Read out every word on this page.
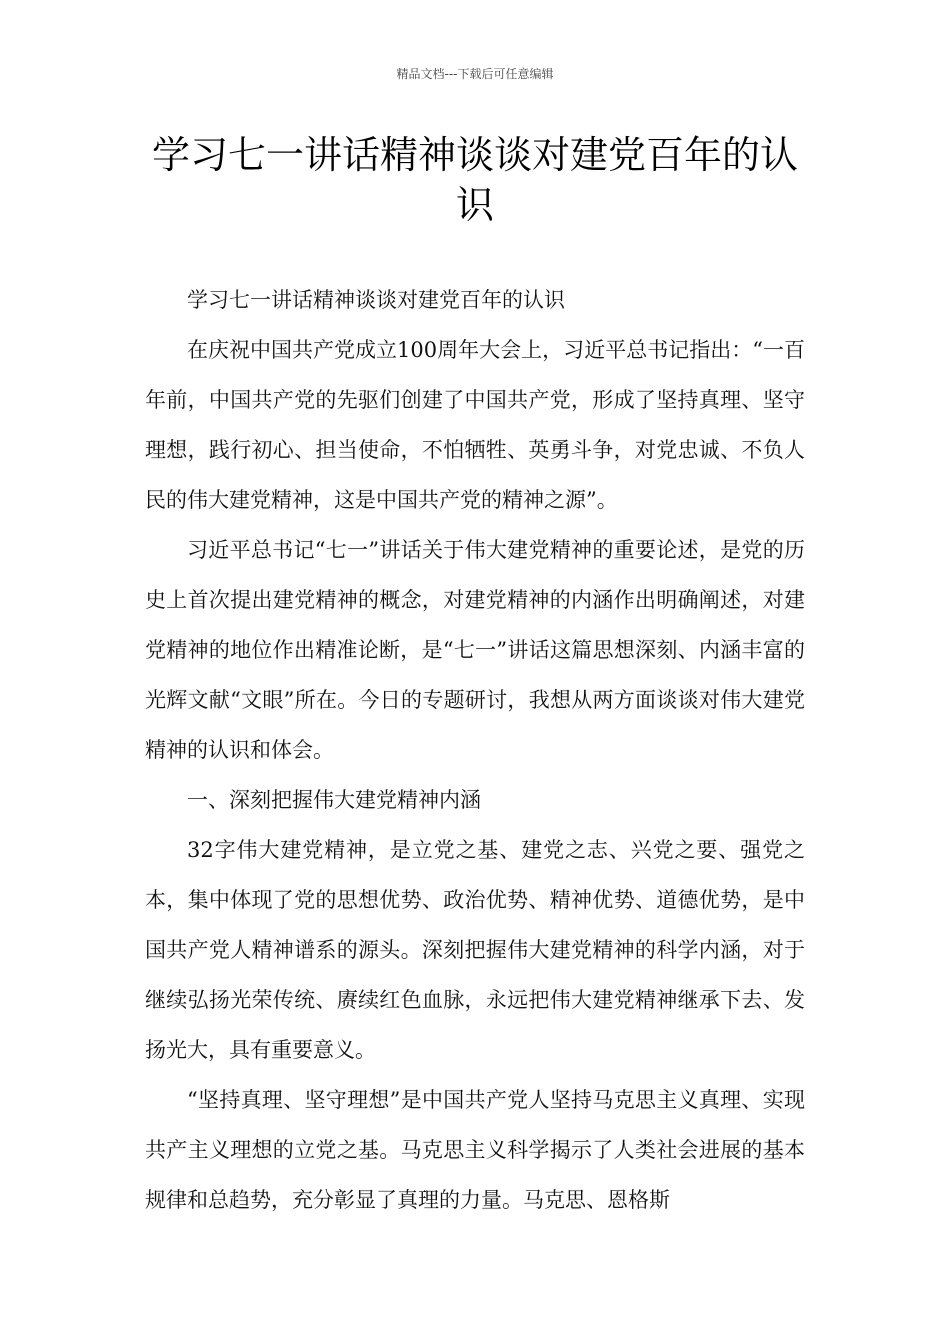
精品文档---下载后可任意编辑
学习七一讲话精神谈谈对建党百年的认识

学习七一讲话精神谈谈对建党百年的认识

在庆祝中国共产党成立100周年大会上，习近平总书记指出：“一百年前，中国共产党的先驱们创建了中国共产党，形成了坚持真理、坚守理想，践行初心、担当使命，不怕牺牲、英勇斗争，对党忠诚、不负人民的伟大建党精神，这是中国共产党的精神之源”。

习近平总书记“七一”讲话关于伟大建党精神的重要论述，是党的历史上首次提出建党精神的概念，对建党精神的内涵作出明确阐述，对建党精神的地位作出精准论断，是“七一”讲话这篇思想深刻、内涵丰富的光辉文献“文眼”所在。今日的专题研讨，我想从两方面谈谈对伟大建党精神的认识和体会。

一、深刻把握伟大建党精神内涵

32字伟大建党精神，是立党之基、建党之志、兴党之要、强党之本，集中体现了党的思想优势、政治优势、精神优势、道德优势，是中国共产党人精神谱系的源头。深刻把握伟大建党精神的科学内涵，对于继续弘扬光荣传统、赓续红色血脉，永远把伟大建党精神继承下去、发扬光大，具有重要意义。

“坚持真理、坚守理想”是中国共产党人坚持马克思主义真理、实现共产主义理想的立党之基。马克思主义科学揭示了人类社会进展的基本规律和总趋势，充分彰显了真理的力量。马克思、恩格斯
